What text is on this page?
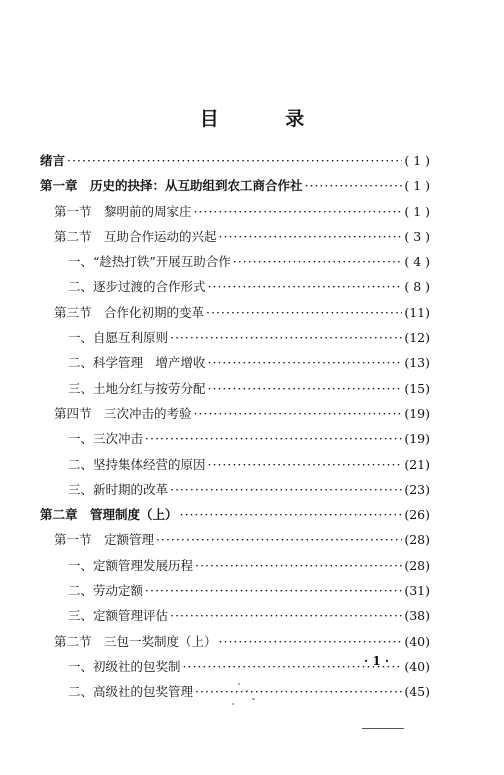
目 录
绪言 ·····	( 1 )
第一章　历史的抉择：从互助组到农工商合作社 ·····	( 1 )
第一节　黎明前的周家庄 ·····	( 1 )
第二节　互助合作运动的兴起 ·····	( 3 )
一、“趁热打铁”开展互助合作 ·····	( 4 )
二、逐步过渡的合作形式 ·····	( 8 )
第三节　合作化初期的变革 ·····	(11)
一、自愿互利原则 ·····	(12)
二、科学管理　增产增收 ·····	(13)
三、土地分红与按劳分配 ·····	(15)
第四节　三次冲击的考验 ·····	(19)
一、三次冲击 ·····	(19)
二、坚持集体经营的原因 ·····	(21)
三、新时期的改革 ·····	(23)
第二章　管理制度（上） ·····	(26)
第一节　定额管理 ·····	(28)
一、定额管理发展历程 ·····	(28)
二、劳动定额 ·····	(31)
三、定额管理评估 ·····	(38)
第二节　三包一奖制度（上） ·····	(40)
一、初级社的包奖制 ·····	(40)
二、高级社的包奖管理 ·····	(45)
· 1 ·
